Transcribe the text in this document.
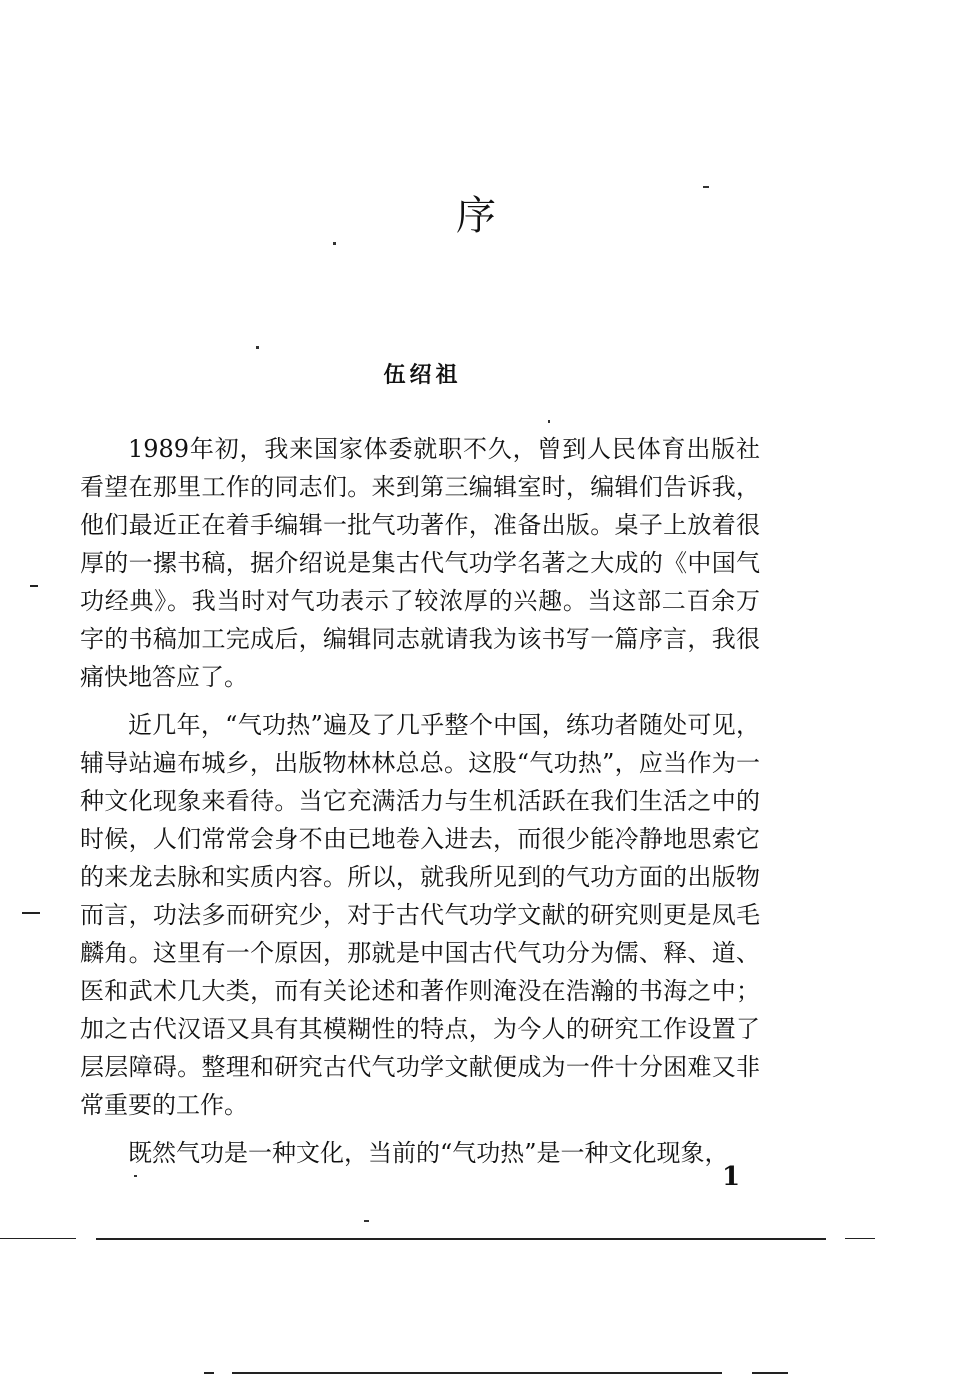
序
伍绍祖

1989年初，我来国家体委就职不久，曾到人民体育出版社看望在那里工作的同志们。来到第三编辑室时，编辑们告诉我，他们最近正在着手编辑一批气功著作，准备出版。桌子上放着很厚的一摞书稿，据介绍说是集古代气功学名著之大成的《中国气功经典》。我当时对气功表示了较浓厚的兴趣。当这部二百余万字的书稿加工完成后，编辑同志就请我为该书写一篇序言，我很痛快地答应了。

近几年，“气功热”遍及了几乎整个中国，练功者随处可见，辅导站遍布城乡，出版物林林总总。这股“气功热”，应当作为一种文化现象来看待。当它充满活力与生机活跃在我们生活之中的时候，人们常常会身不由已地卷入进去，而很少能冷静地思索它的来龙去脉和实质内容。所以，就我所见到的气功方面的出版物而言，功法多而研究少，对于古代气功学文献的研究则更是凤毛麟角。这里有一个原因，那就是中国古代气功分为儒、释、道、医和武术几大类，而有关论述和著作则淹没在浩瀚的书海之中；加之古代汉语又具有其模糊性的特点，为今人的研究工作设置了层层障碍。整理和研究古代气功学文献便成为一件十分困难又非常重要的工作。

既然气功是一种文化，当前的“气功热”是一种文化现象，

1
